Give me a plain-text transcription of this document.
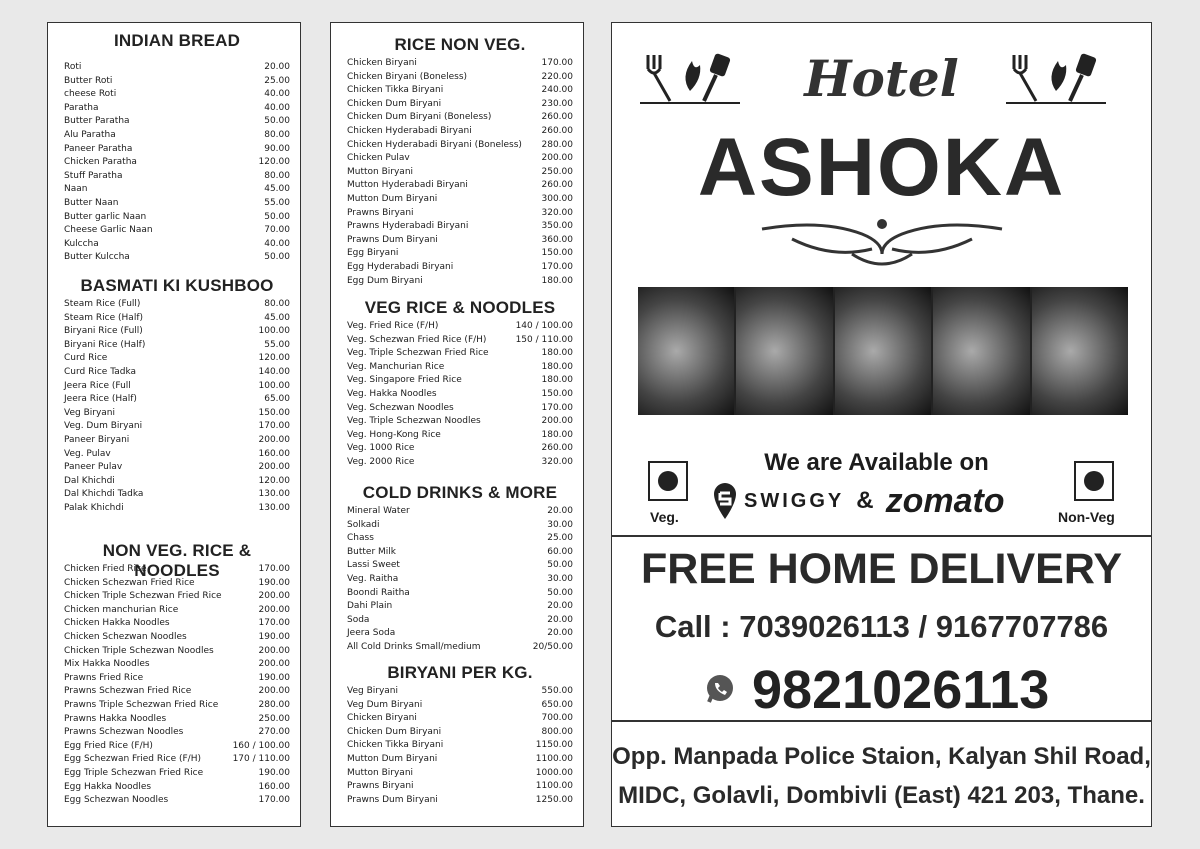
INDIAN BREAD
Roti	20.00
Butter Roti	25.00
cheese Roti	40.00
Paratha	40.00
Butter Paratha	50.00
Alu Paratha	80.00
Paneer Paratha	90.00
Chicken Paratha	120.00
Stuff Paratha	80.00
Naan	45.00
Butter Naan	55.00
Butter garlic Naan	50.00
Cheese Garlic Naan	70.00
Kulccha	40.00
Butter Kulccha	50.00
BASMATI KI KUSHBOO
Steam Rice (Full)	80.00
Steam Rice (Half)	45.00
Biryani Rice (Full)	100.00
Biryani Rice (Half)	55.00
Curd Rice	120.00
Curd Rice Tadka	140.00
Jeera Rice (Full	100.00
Jeera Rice (Half)	65.00
Veg Biryani	150.00
Veg. Dum Biryani	170.00
Paneer Biryani	200.00
Veg. Pulav	160.00
Paneer Pulav	200.00
Dal Khichdi	120.00
Dal Khichdi Tadka	130.00
Palak Khichdi	130.00
NON VEG. RICE & NOODLES
Chicken Fried Rice	170.00
Chicken Schezwan Fried Rice	190.00
Chicken Triple Schezwan Fried Rice	200.00
Chicken manchurian Rice	200.00
Chicken Hakka Noodles	170.00
Chicken Schezwan Noodles	190.00
Chicken Triple Schezwan Noodles	200.00
Mix Hakka Noodles	200.00
Prawns Fried Rice	190.00
Prawns Schezwan Fried Rice	200.00
Prawns Triple Schezwan Fried Rice	280.00
Prawns Hakka Noodles	250.00
Prawns Schezwan Noodles	270.00
Egg Fried Rice (F/H)	160 / 100.00
Egg Schezwan Fried Rice (F/H)	170 / 110.00
Egg Triple Schezwan Fried Rice	190.00
Egg Hakka Noodles	160.00
Egg Schezwan Noodles	170.00
RICE NON VEG.
Chicken Biryani	170.00
Chicken Biryani (Boneless)	220.00
Chicken Tikka Biryani	240.00
Chicken Dum Biryani	230.00
Chicken Dum Biryani (Boneless)	260.00
Chicken Hyderabadi Biryani	260.00
Chicken Hyderabadi Biryani (Boneless) 280.00
Chicken Pulav	200.00
Mutton Biryani	250.00
Mutton Hyderabadi Biryani	260.00
Mutton Dum Biryani	300.00
Prawns Biryani	320.00
Prawns Hyderabadi Biryani	350.00
Prawns Dum Biryani	360.00
Egg Biryani	150.00
Egg Hyderabadi Biryani	170.00
Egg Dum Biryani	180.00
VEG RICE & NOODLES
Veg. Fried Rice (F/H)	140 / 100.00
Veg. Schezwan Fried Rice (F/H)	150 / 110.00
Veg. Triple Schezwan Fried Rice	180.00
Veg. Manchurian Rice	180.00
Veg. Singapore Fried Rice	180.00
Veg. Hakka Noodles	150.00
Veg. Schezwan Noodles	170.00
Veg. Triple Schezwan Noodles	200.00
Veg. Hong-Kong Rice	180.00
Veg. 1000 Rice	260.00
Veg. 2000 Rice	320.00
COLD DRINKS & MORE
Mineral Water	20.00
Solkadi	30.00
Chass	25.00
Butter Milk	60.00
Lassi Sweet	50.00
Veg. Raitha	30.00
Boondi Raitha	50.00
Dahi Plain	20.00
Soda	20.00
Jeera Soda	20.00
All Cold Drinks Small/medium	20/50.00
BIRYANI PER KG.
Veg Biryani	550.00
Veg Dum Biryani	650.00
Chicken Biryani	700.00
Chicken Dum Biryani	800.00
Chicken Tikka Biryani	1150.00
Mutton Dum Biryani	1100.00
Mutton Biryani	1000.00
Prawns Biryani	1100.00
Prawns Dum Biryani	1250.00
Hotel
ASHOKA
We are Available on
Veg.	Non-Veg
SWIGGY & zomato
FREE HOME DELIVERY
Call : 7039026113 / 9167707786
9821026113
Opp. Manpada Police Staion, Kalyan Shil Road,
MIDC, Golavli, Dombivli (East) 421 203, Thane.
